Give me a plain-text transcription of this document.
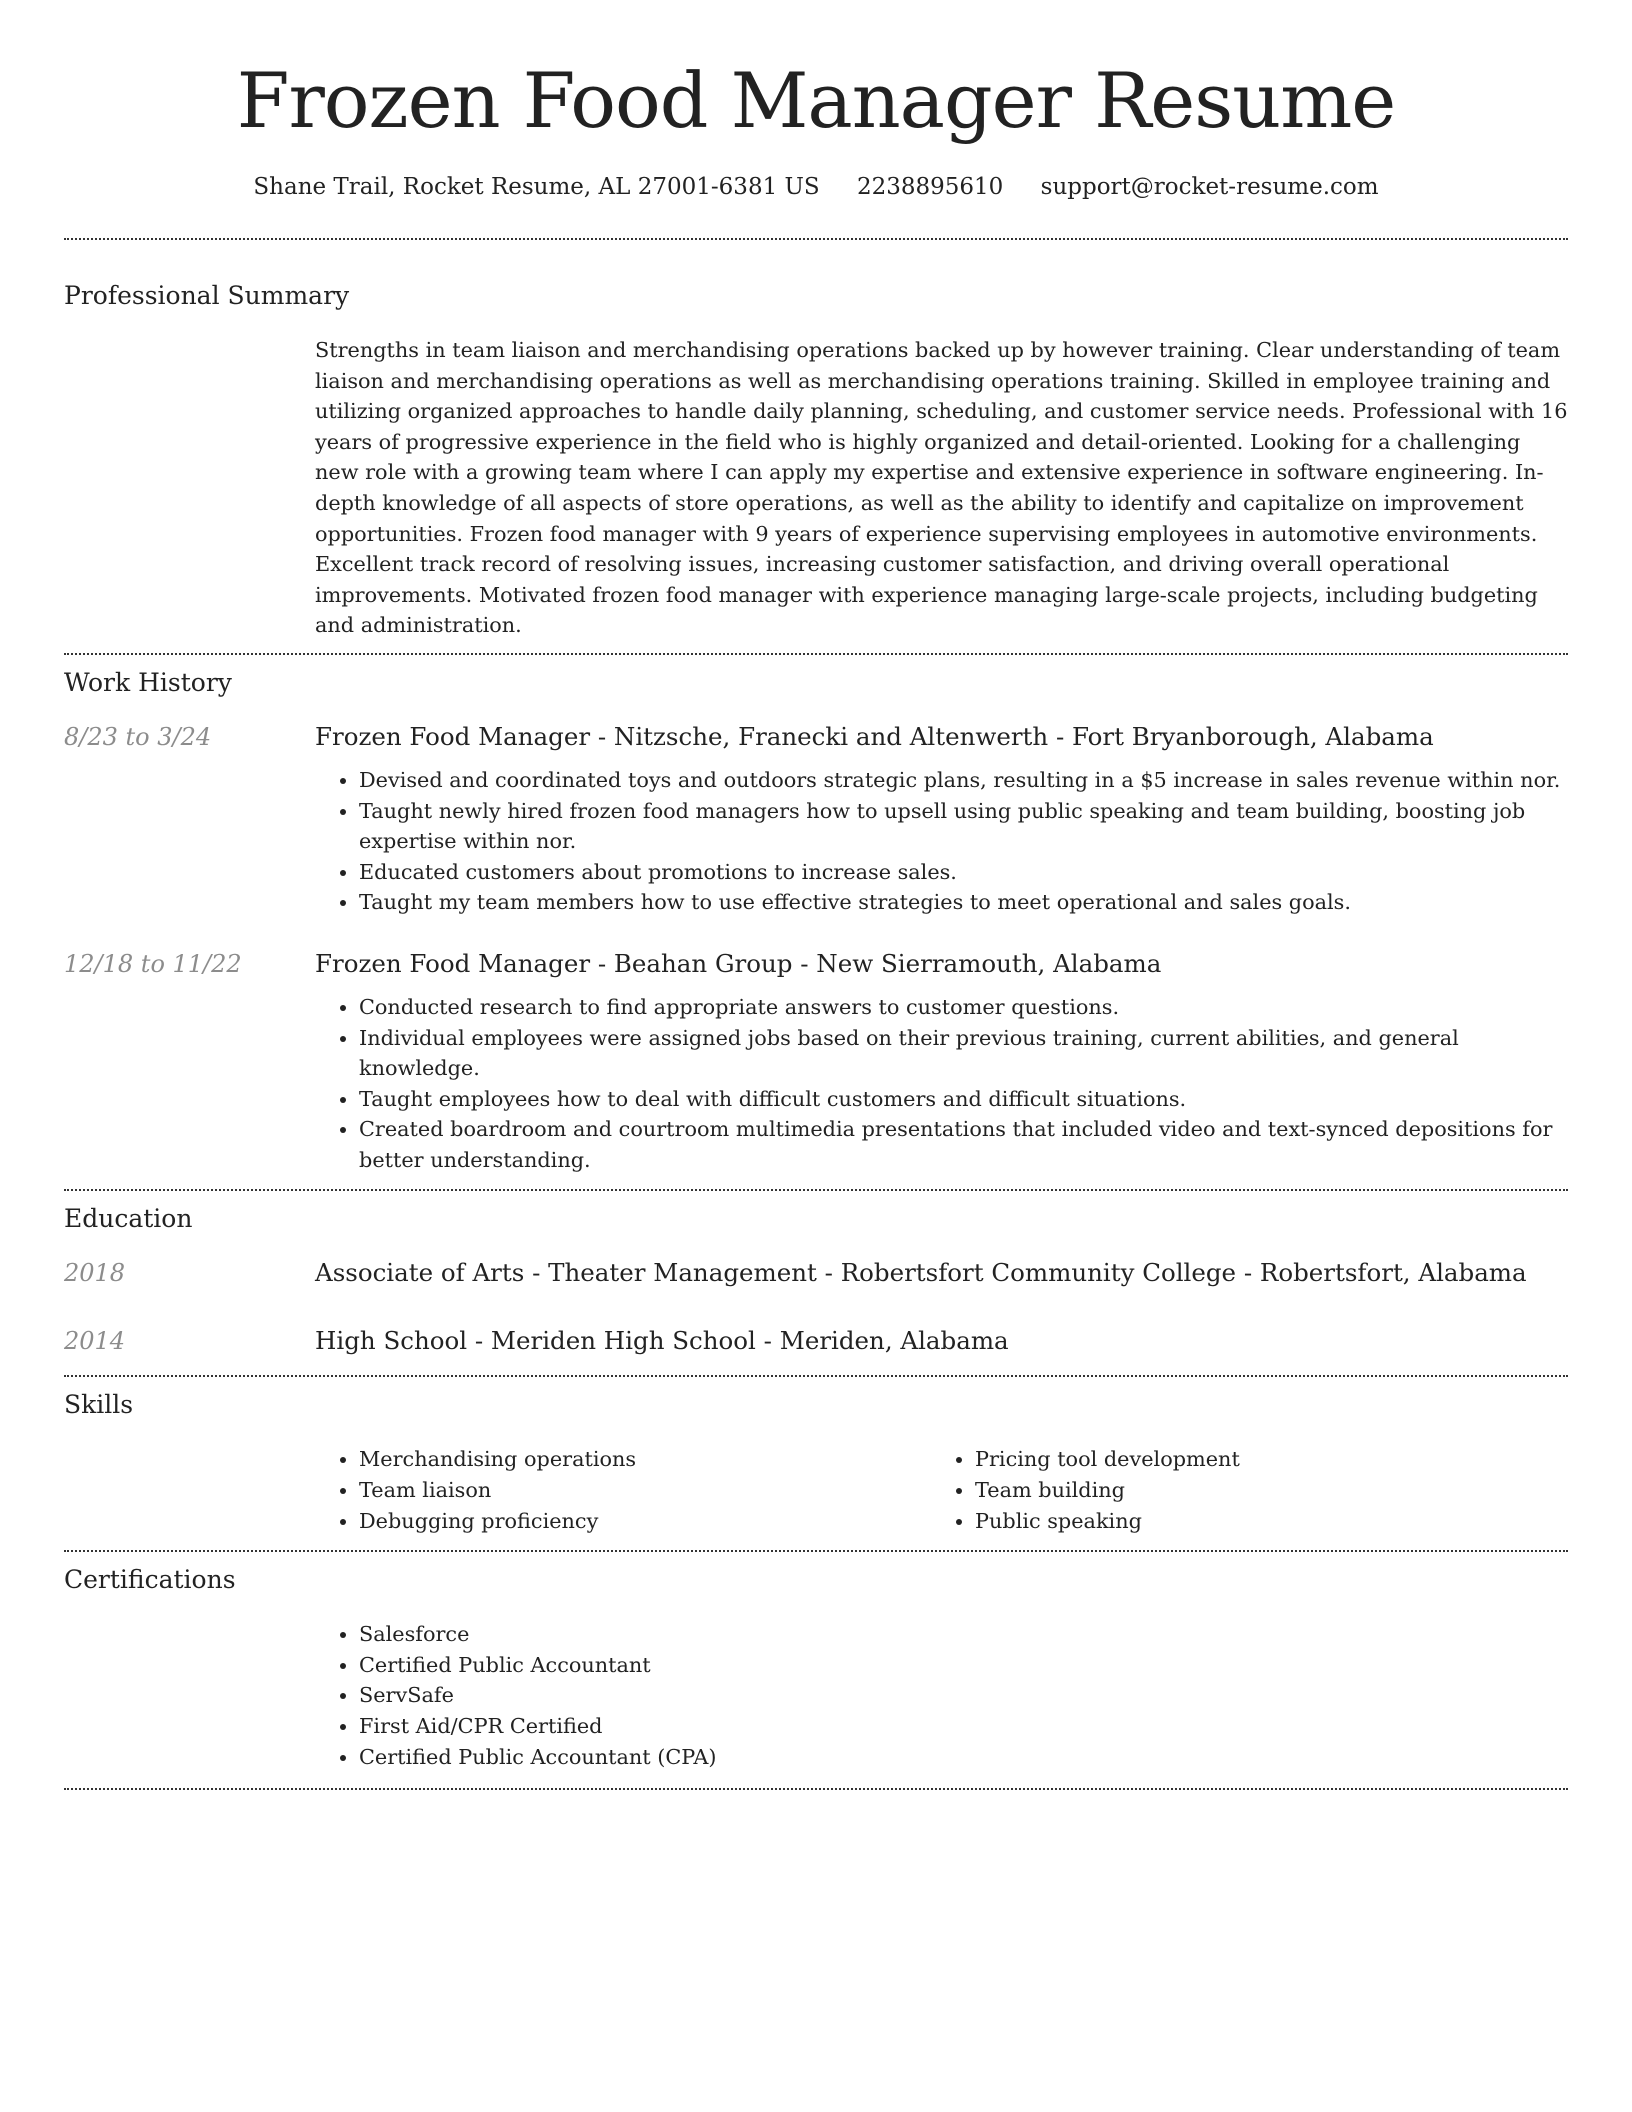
Frozen Food Manager Resume
Shane Trail, Rocket Resume, AL 27001-6381 US 2238895610 support@rocket-resume.com
Professional Summary

Strengths in team liaison and merchandising operations backed up by however training. Clear understanding of team liaison and merchandising operations as well as merchandising operations training. Skilled in employee training and utilizing organized approaches to handle daily planning, scheduling, and customer service needs. Professional with 16 years of progressive experience in the field who is highly organized and detail-oriented. Looking for a challenging new role with a growing team where I can apply my expertise and extensive experience in software engineering. In-depth knowledge of all aspects of store operations, as well as the ability to identify and capitalize on improvement opportunities. Frozen food manager with 9 years of experience supervising employees in automotive environments. Excellent track record of resolving issues, increasing customer satisfaction, and driving overall operational improvements. Motivated frozen food manager with experience managing large-scale projects, including budgeting and administration.

Work History
8/23 to 3/24	Frozen Food Manager - Nitzsche, Franecki and Altenwerth - Fort Bryanborough, Alabama

• Devised and coordinated toys and outdoors strategic plans, resulting in a $5 increase in sales revenue within nor.
• Taught newly hired frozen food managers how to upsell using public speaking and team building, boosting job expertise within nor.
• Educated customers about promotions to increase sales.
• Taught my team members how to use effective strategies to meet operational and sales goals.
12/18 to 11/22	Frozen Food Manager - Beahan Group - New Sierramouth, Alabama

• Conducted research to find appropriate answers to customer questions.
• Individual employees were assigned jobs based on their previous training, current abilities, and general knowledge.
• Taught employees how to deal with difficult customers and difficult situations.
• Created boardroom and courtroom multimedia presentations that included video and text-synced depositions for better understanding.
Education
2018	Associate of Arts - Theater Management - Robertsfort Community College - Robertsfort, Alabama

2014	High School - Meriden High School - Meriden, Alabama

Skills
• Merchandising operations
• Team liaison
• Debugging proficiency
• Pricing tool development
• Team building
• Public speaking
Certifications
• Salesforce
• Certified Public Accountant
• ServSafe
• First Aid/CPR Certified
• Certified Public Accountant (CPA)
